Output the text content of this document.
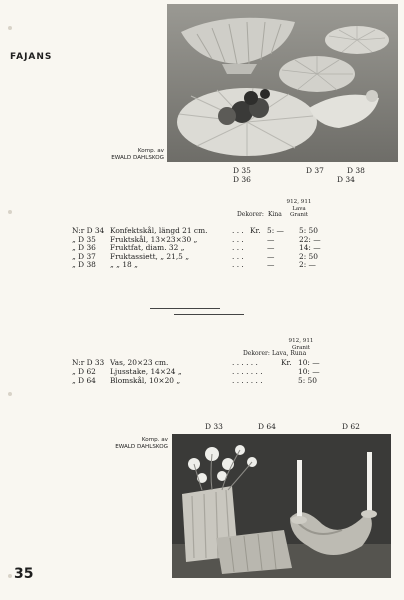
FAJANS
Komp. av
EWALD DAHLSKOG
D 35
D 36
D 37	D 38
D 34
912, 911
Lava
Granit
Dekorer: Kina
N:r D 34 Konfektskål, längd 21 cm.	. . . Kr. 5: — 5: 50
„ D 35 Fruktskål, 13×23×30 „	. . .	—	22: —
„ D 36 Fruktfat, diam. 32 „	. . .	—	14: —
„ D 37 Fruktassiett, „ 21,5 „	. . .	—	2: 50
„ D 38 „ „ 18 „	. . .	—	2: —
912, 911
Granit
Dekorer: Lava, Runa
N:r D 33 Vas, 20×23 cm.	. . . . . .	Kr. 10: —
„ D 62 Ljusstake, 14×24 „	. . . . . . .	10: —
„ D 64 Blomskål, 10×20 „	. . . . . . .	5: 50
D 33	D 64	D 62
Komp. av
EWALD DAHLSKOG
35
